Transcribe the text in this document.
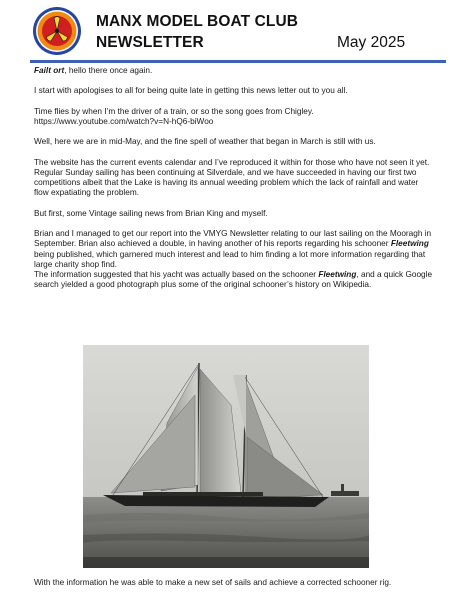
MANX MODEL BOAT CLUB
NEWSLETTER	May 2025

Failt ort, hello there once again.

I start with apologises to all for being quite late in getting this news letter out to you all.

Time flies by when I’m the driver of a train, or so the song goes from Chigley.

https://www.youtube.com/watch?v=N-hQ6-biWoo

Well, here we are in mid-May, and the fine spell of weather that began in March is still with us.

The website has the current events calendar and I’ve reproduced it within for those who have not seen it yet. Regular Sunday sailing has been continuing at Silverdale, and we have succeeded in having our first two competitions albeit that the Lake is having its annual weeding problem which the lack of rainfall and water flow expatiating the problem.

But first, some Vintage sailing news from Brian King and myself.

Brian and I managed to get our report into the VMYG Newsletter relating to our last sailing on the Mooragh in September. Brian also achieved a double, in having another of his reports regarding his schooner Fleetwing being published, which garnered much interest and lead to him finding a lot more information regarding that large charity shop find.

The information suggested that his yacht was actually based on the schooner Fleetwing, and a quick Google search yielded a good photograph plus some of the original schooner’s history on Wikipedia.

With the information he was able to make a new set of sails and achieve a corrected schooner rig.
